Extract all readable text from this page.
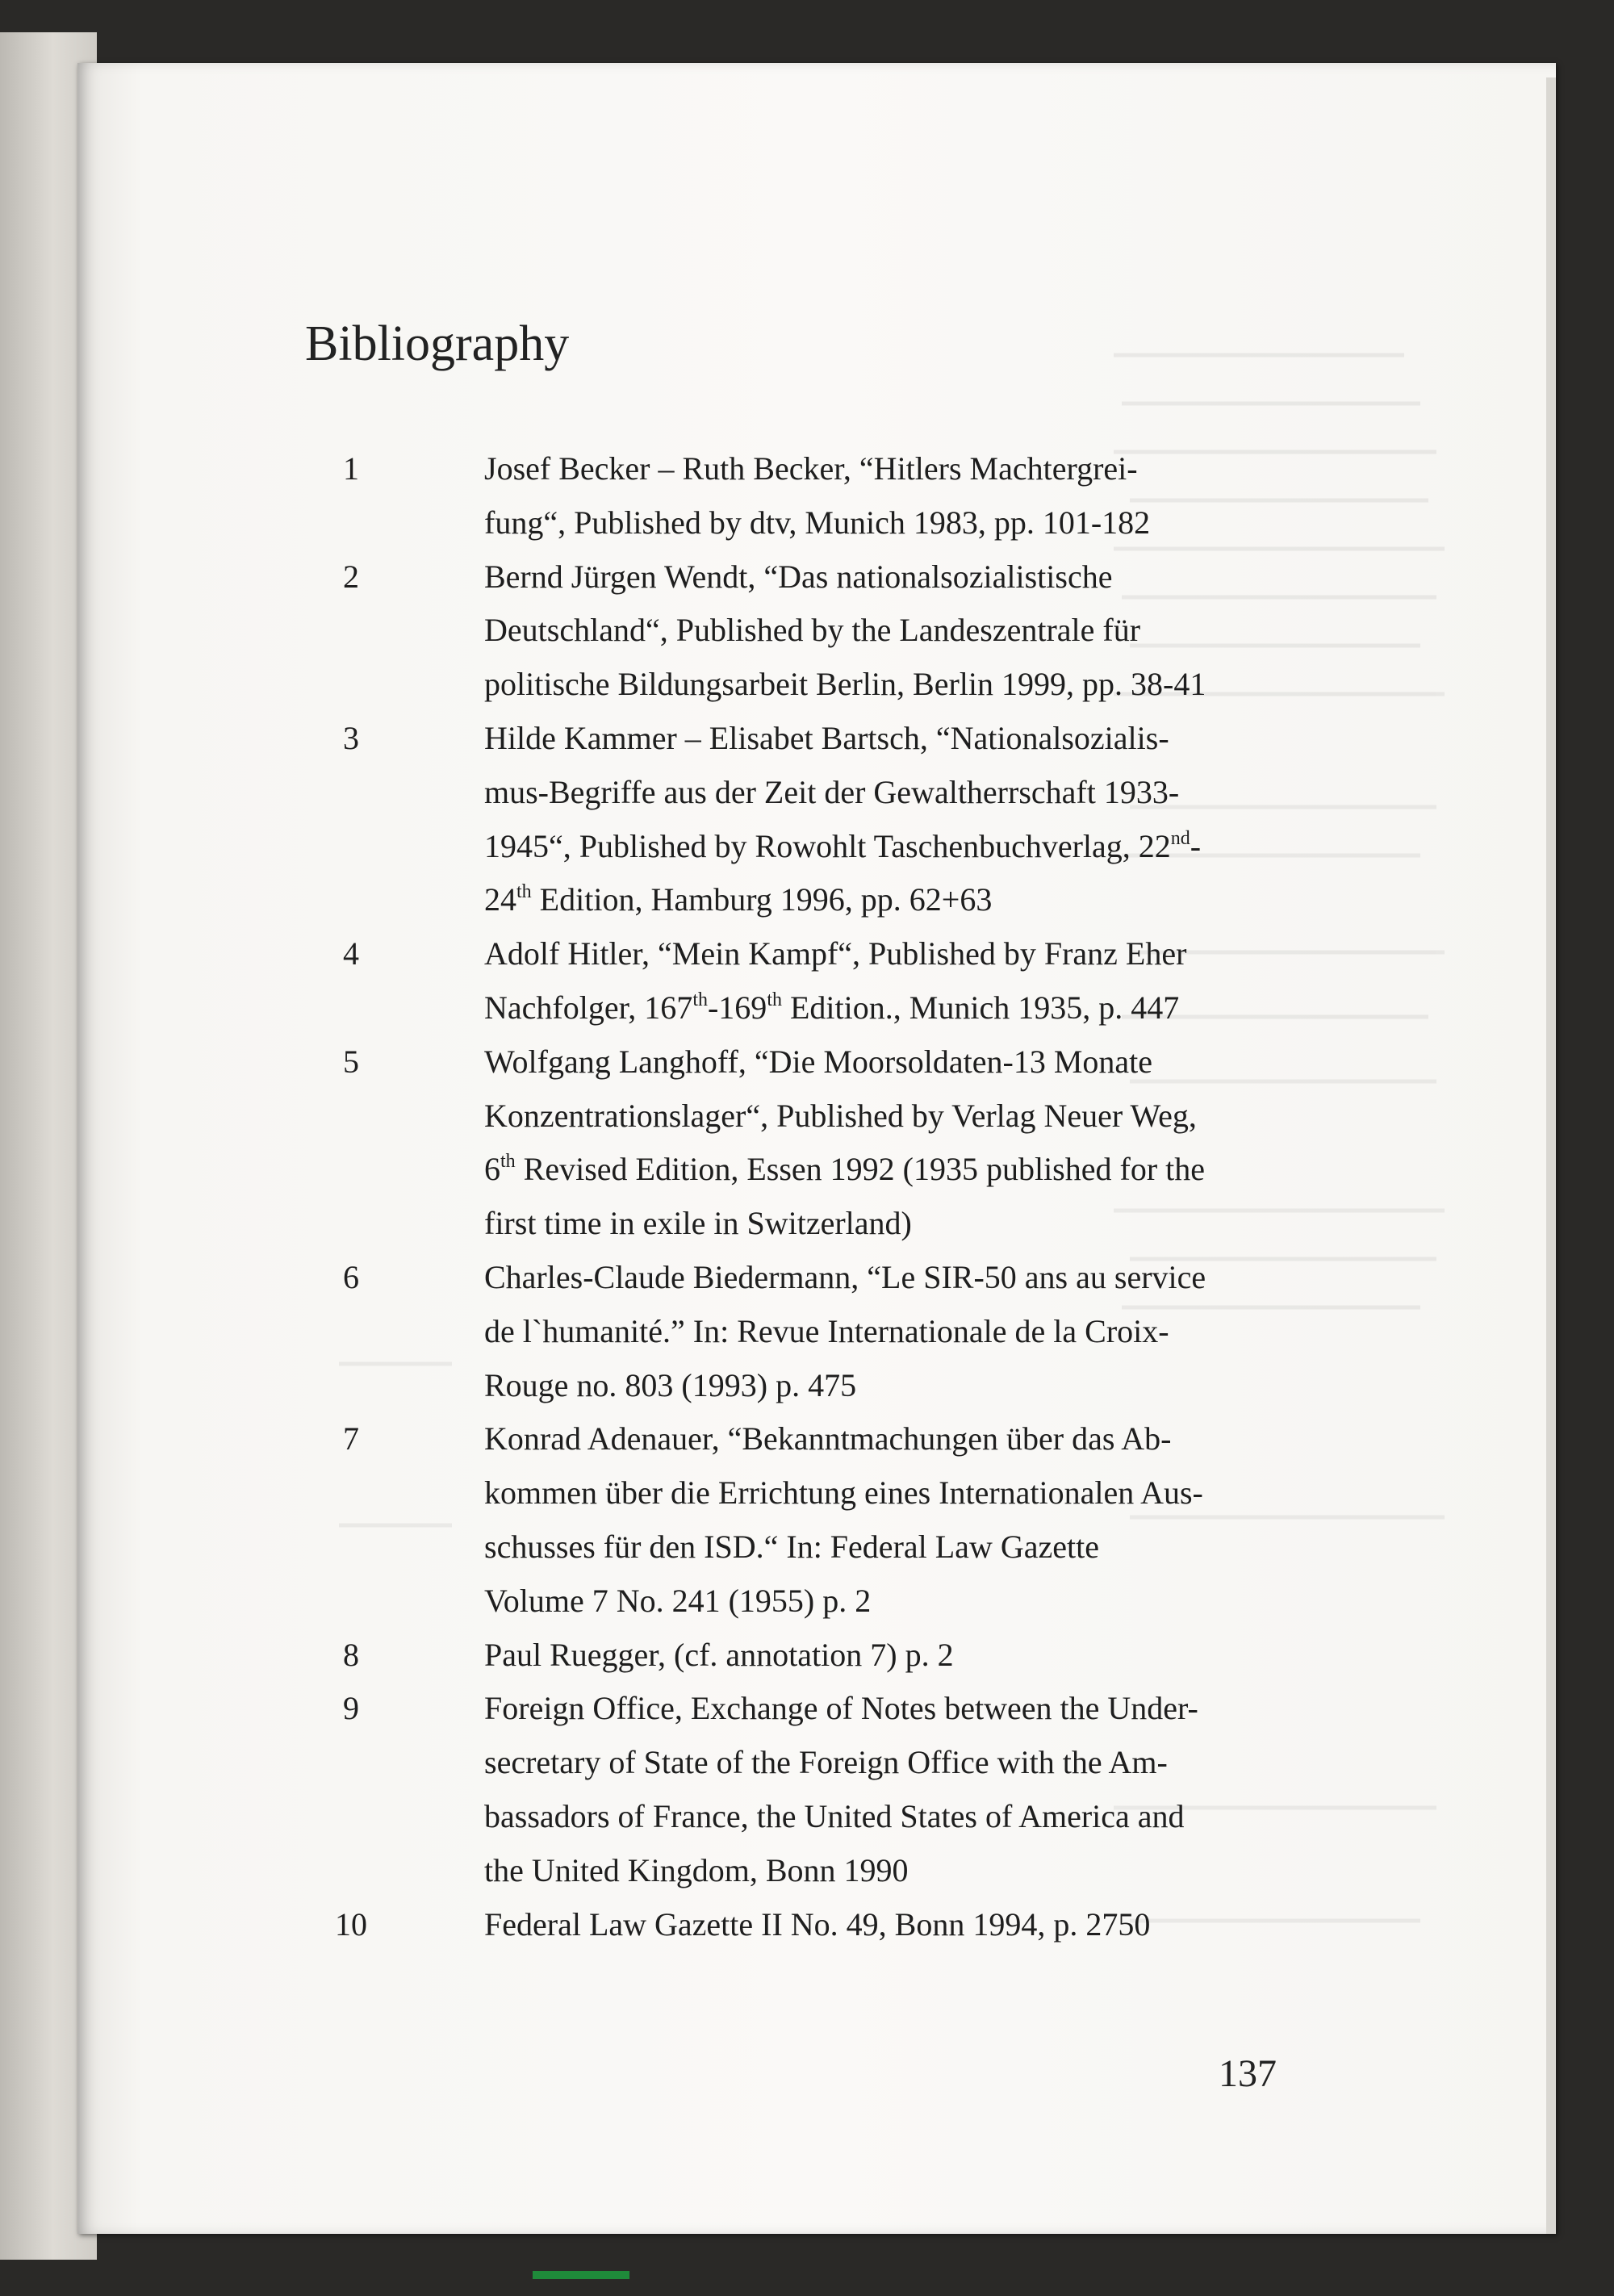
Bibliography
1	Josef Becker – Ruth Becker, “Hitlers Machtergrei-
fung“, Published by dtv, Munich 1983, pp. 101-182
2	Bernd Jürgen Wendt, “Das nationalsozialistische
Deutschland“, Published by the Landeszentrale für
politische Bildungsarbeit Berlin, Berlin 1999, pp. 38-41
3	Hilde Kammer – Elisabet Bartsch, “Nationalsozialis-
mus-Begriffe aus der Zeit der Gewaltherrschaft 1933-
1945“, Published by Rowohlt Taschenbuchverlag, 22nd-
24th Edition, Hamburg 1996, pp. 62+63
4	Adolf Hitler, “Mein Kampf“, Published by Franz Eher
Nachfolger, 167th-169th Edition., Munich 1935, p. 447
5	Wolfgang Langhoff, “Die Moorsoldaten-13 Monate
Konzentrationslager“, Published by Verlag Neuer Weg,
6th Revised Edition, Essen 1992 (1935 published for the
first time in exile in Switzerland)
6	Charles-Claude Biedermann, “Le SIR-50 ans au service
de l`humanité.” In: Revue Internationale de la Croix-
Rouge no. 803 (1993) p. 475
7	Konrad Adenauer, “Bekanntmachungen über das Ab-
kommen über die Errichtung eines Internationalen Aus-
schusses für den ISD.“ In: Federal Law Gazette
Volume 7 No. 241 (1955) p. 2
8	Paul Ruegger, (cf. annotation 7) p. 2
9	Foreign Office, Exchange of Notes between the Under-
secretary of State of the Foreign Office with the Am-
bassadors of France, the United States of America and
the United Kingdom, Bonn 1990
10	Federal Law Gazette II No. 49, Bonn 1994, p. 2750
137
